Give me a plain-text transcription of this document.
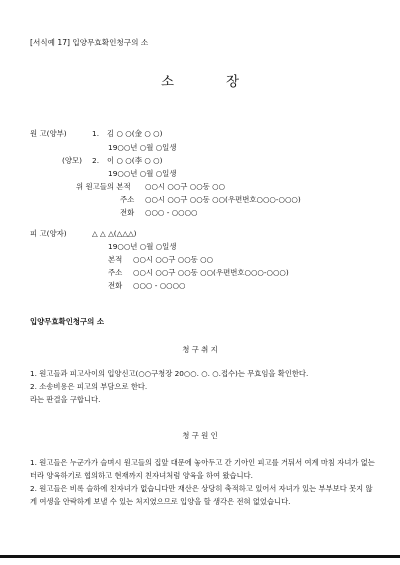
[서식예 17] 입양무효확인청구의 소
소	장
원 고(양부)	1. 김 ○ ○(金 ○ ○)
19○○년 ○월 ○일생
(양모) 2. 이 ○ ○(李 ○ ○)
19○○년 ○월 ○일생
위 원고들의 본적 ○○시 ○○구 ○○동 ○○
주소 ○○시 ○○구 ○○동 ○○(우편번호○○○-○○○)
전화 ○○○ - ○○○○
피 고(양자)	△ △ △(△△△)
19○○년 ○월 ○일생
본적 ○○시 ○○구 ○○동 ○○
주소 ○○시 ○○구 ○○동 ○○(우편번호○○○-○○○)
전화 ○○○ - ○○○○
입양무효확인청구의 소
청 구 취 지
1. 원고들과 피고사이의 입양신고(○○구청장 20○○. ○. ○.접수)는 무효임을 확인한다.
2. 소송비용은 피고의 부담으로 한다.
라는 판결을 구합니다.
청 구 원 인
1. 원고들은 누군가가 슬며시 원고들의 집앞 대문에 놓아두고 간 기아인 피고를 거둬서 여계 마침 자녀가 없는 터라 양육하기로 협의하고 현재까지 친자녀처럼 양육을 하여 왔습니다.
2. 원고들은 비록 슬하에 친자녀가 없습니다만 재산은 상당히 축적하고 있어서 자녀가 있는 부부보다 못지 않게 여생을 안락하게 보낼 수 있는 처지였으므로 입양을 할 생각은 전혀 없었습니다.
